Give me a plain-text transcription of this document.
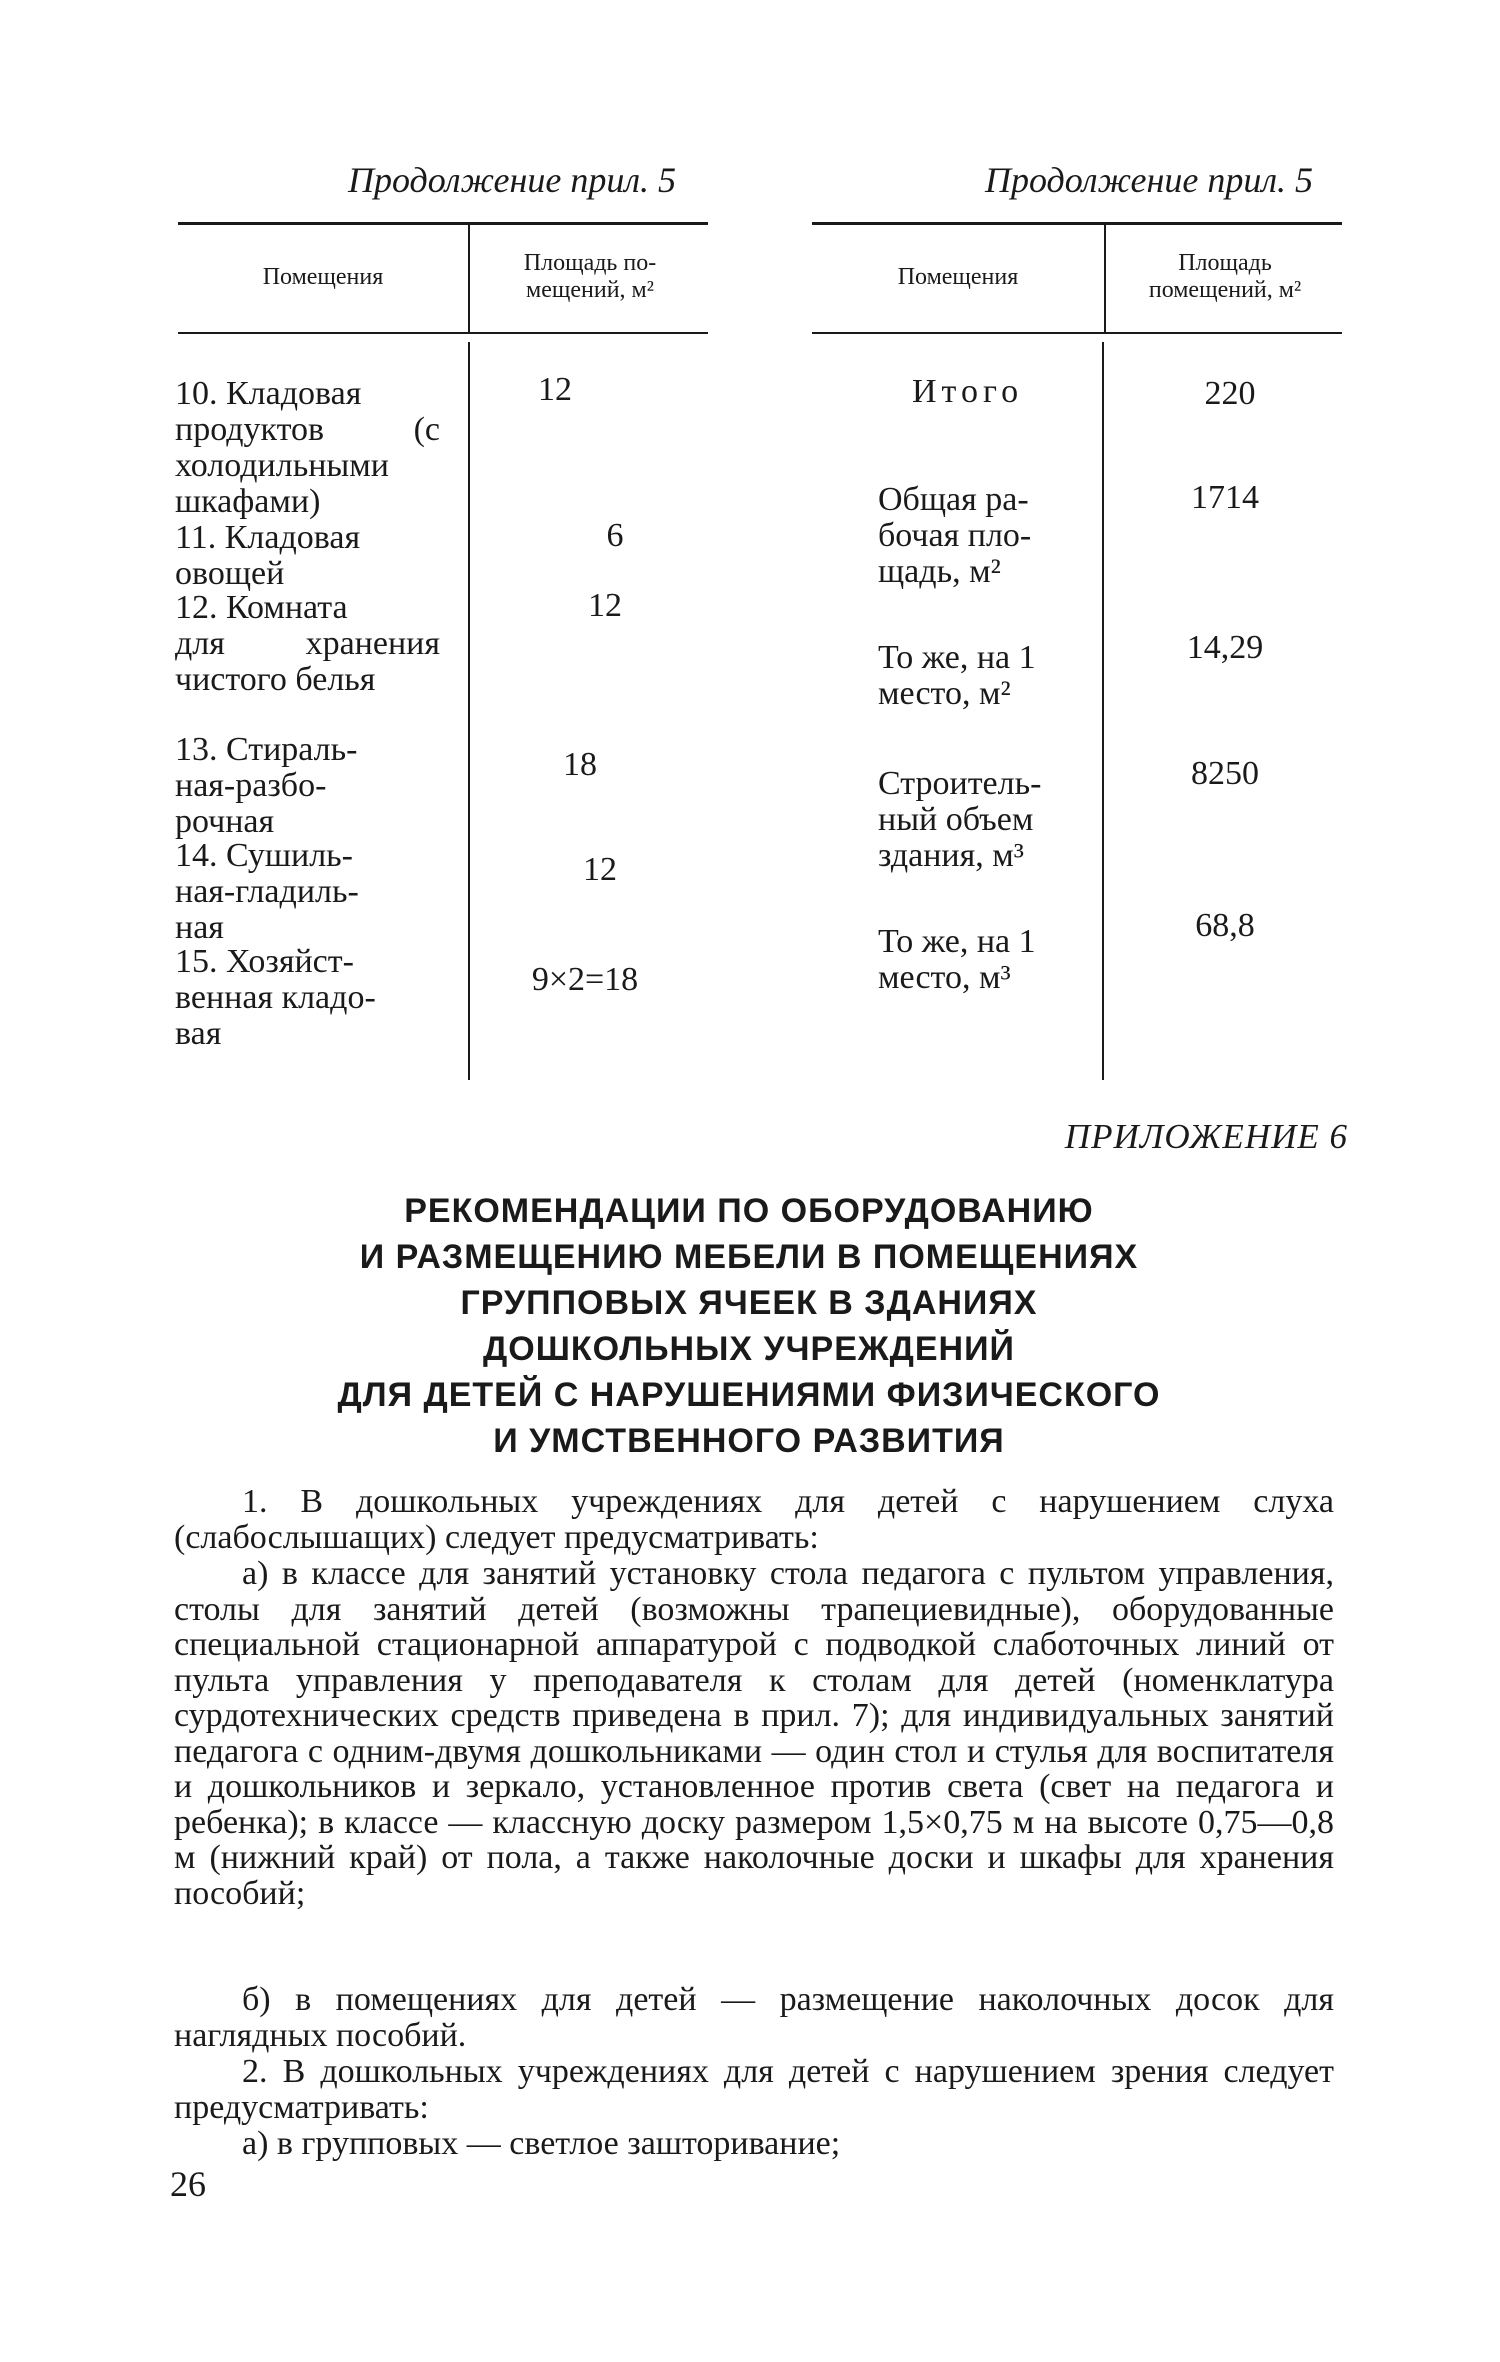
Продолжение прил. 5
Помещения
Площадь по-
мещений, м²
10. Кладовая
продуктов (с
холодильными
шкафами)
12
11. Кладовая
овощей
6
12. Комната
для хранения
чистого белья
12
13. Стираль-
ная-разбо-
рочная
18
14. Сушиль-
ная-гладиль-
ная
12
15. Хозяйст-
венная кладо-
вая
9×2=18
Продолжение прил. 5
Помещения
Площадь
помещений, м²
Итого	220
Общая ра-
бочая пло-
щадь, м²
1714
То же, на 1
место, м²
14,29
Строитель-
ный объем
здания, м³
8250
То же, на 1
место, м³
68,8
ПРИЛОЖЕНИЕ 6
РЕКОМЕНДАЦИИ ПО ОБОРУДОВАНИЮ
И РАЗМЕЩЕНИЮ МЕБЕЛИ В ПОМЕЩЕНИЯХ
ГРУППОВЫХ ЯЧЕЕК В ЗДАНИЯХ
ДОШКОЛЬНЫХ УЧРЕЖДЕНИЙ
ДЛЯ ДЕТЕЙ С НАРУШЕНИЯМИ ФИЗИЧЕСКОГО
И УМСТВЕННОГО РАЗВИТИЯ
1. В дошкольных учреждениях для детей с нарушением слуха (слабослышащих) следует предусматривать:
а) в классе для занятий установку стола педагога с пультом управления, столы для занятий детей (возможны трапециевидные), оборудованные специальной стационарной аппаратурой с подводкой слаботочных линий от пульта управления у преподавателя к столам для детей (номенклатура сурдотехнических средств приведена в прил. 7); для индивидуальных занятий педагога с одним-двумя дошкольниками — один стол и стулья для воспитателя и дошкольников и зеркало, установленное против света (свет на педагога и ребенка); в классе — классную доску размером 1,5×0,75 м на высоте 0,75—0,8 м (нижний край) от пола, а также наколочные доски и шкафы для хранения пособий;
б) в помещениях для детей — размещение наколочных досок для наглядных пособий.
2. В дошкольных учреждениях для детей с нарушением зрения следует предусматривать:
а) в групповых — светлое зашторивание;
26
